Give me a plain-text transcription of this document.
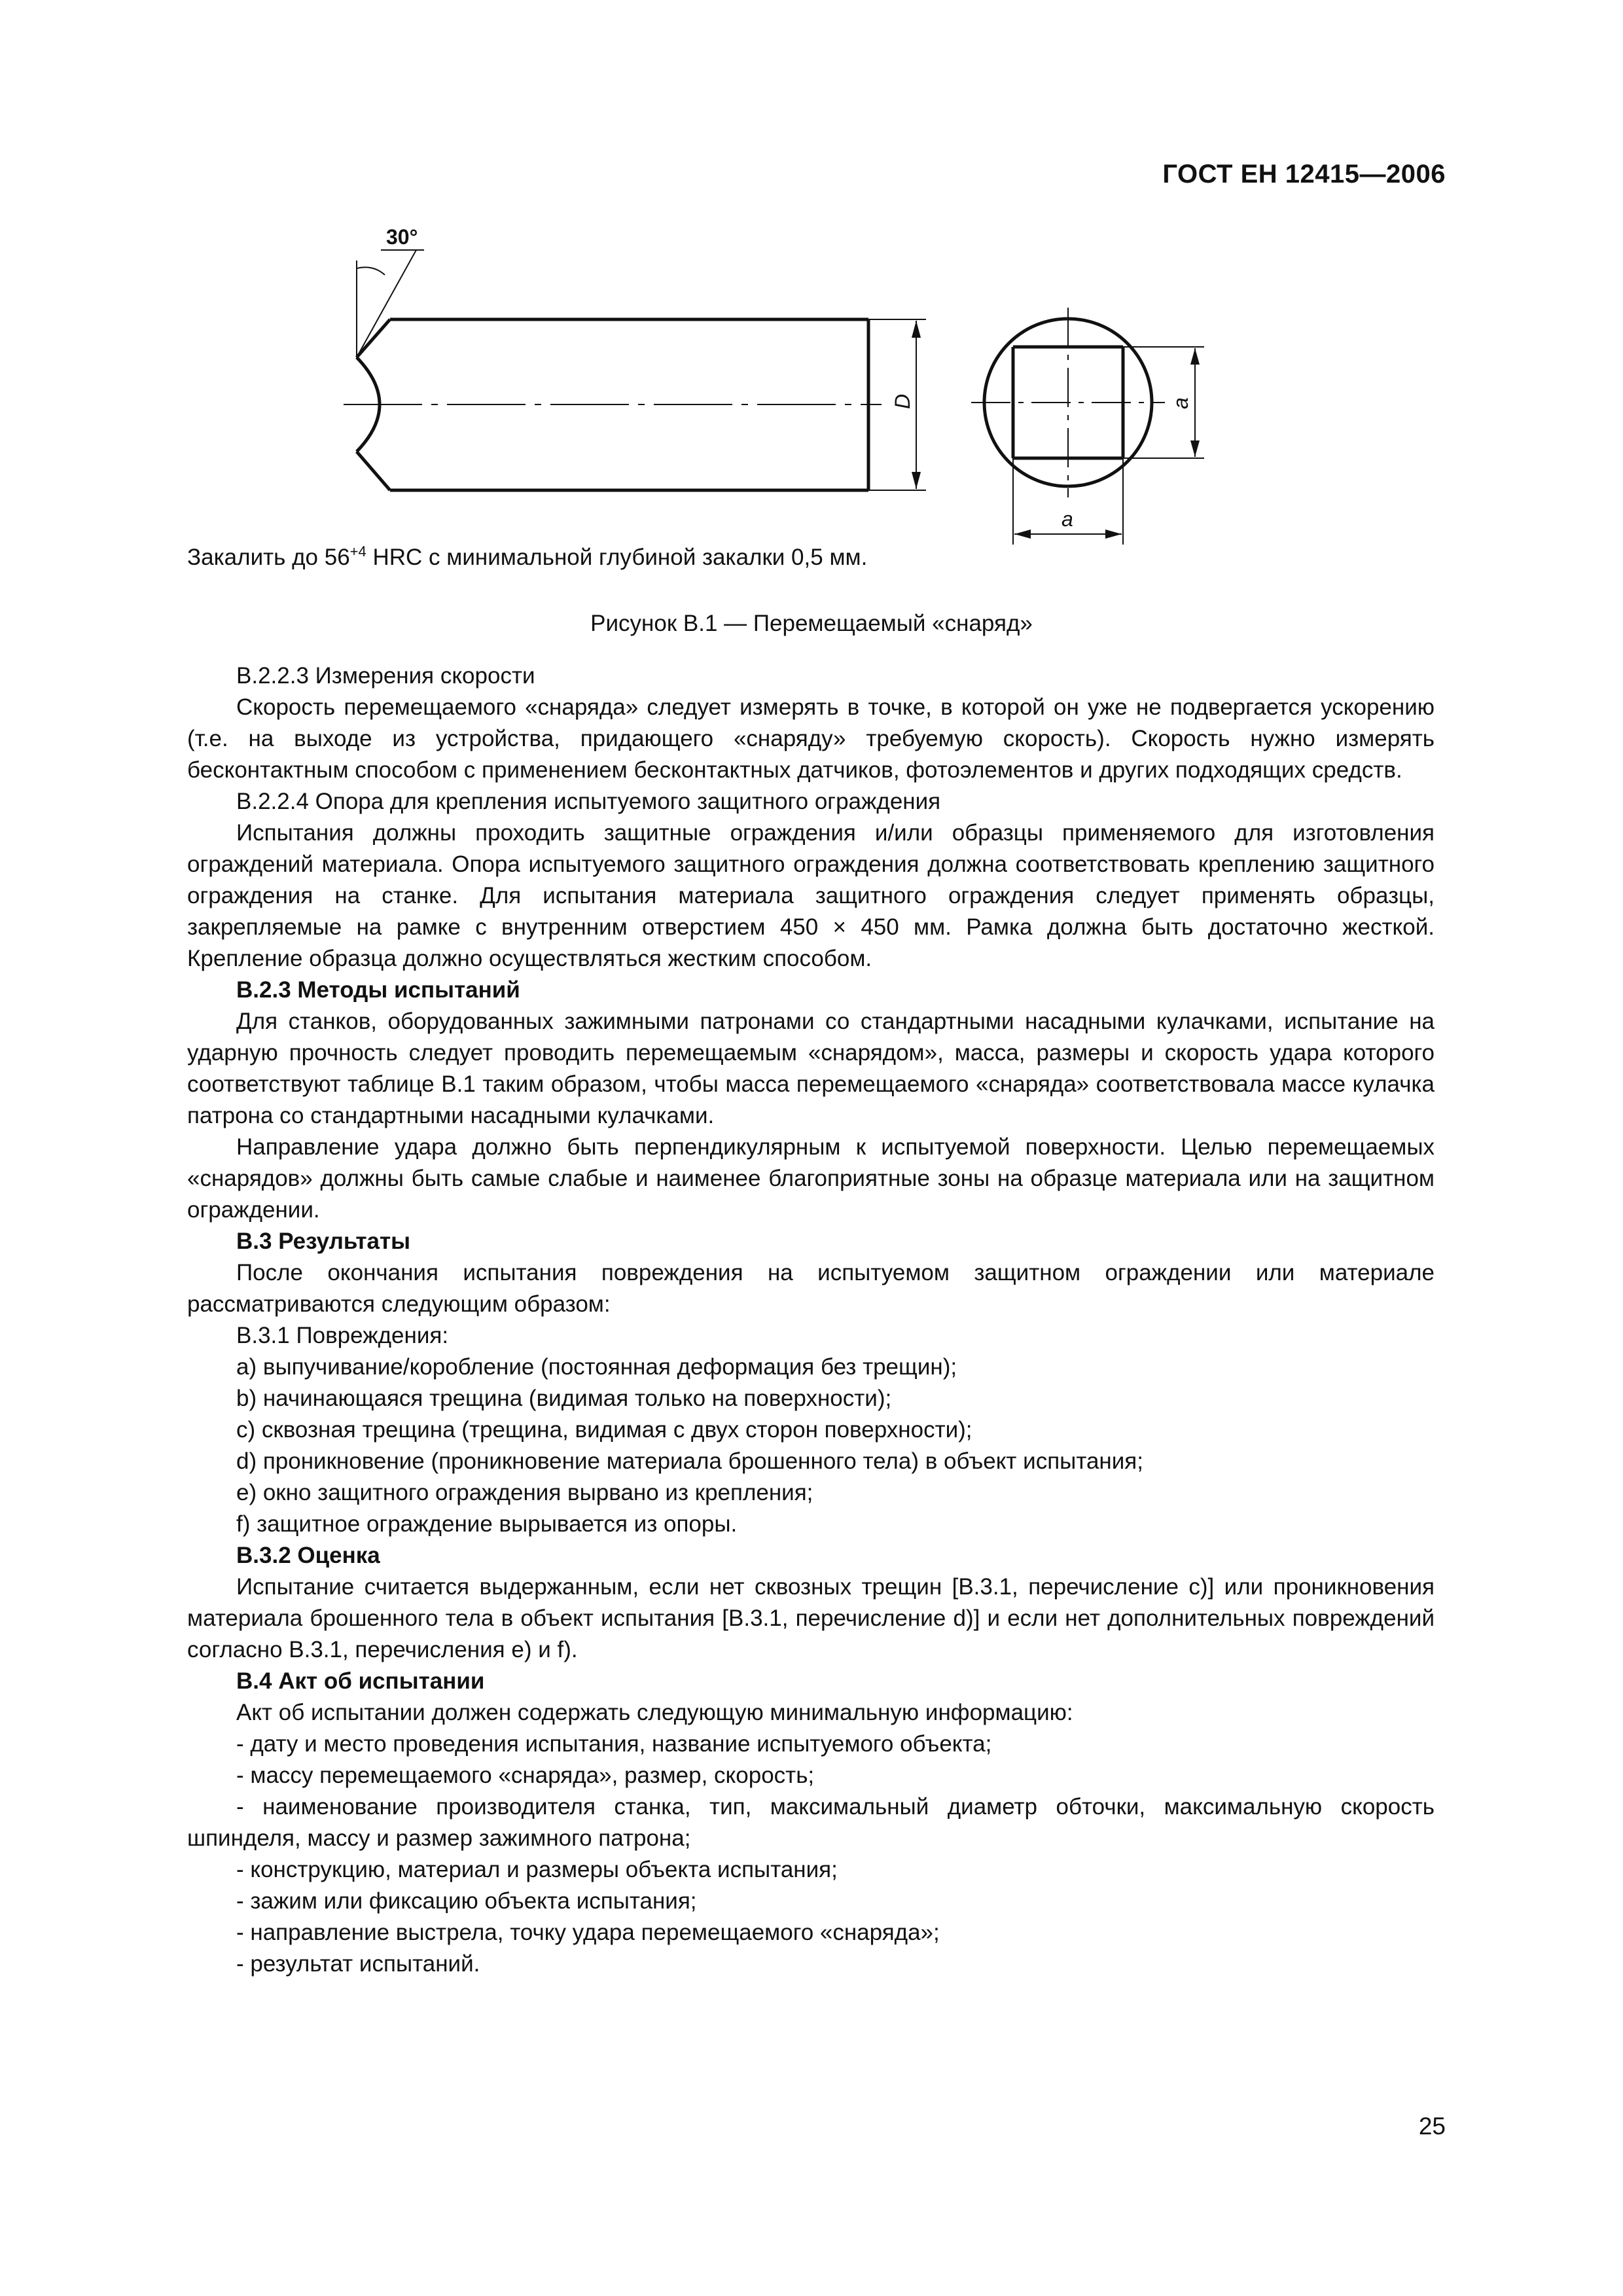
ГОСТ ЕН 12415—2006
30°
D	a
a
Закалить до $56^{+4}$ HRC с минимальной глубиной закалки 0,5 мм.
Рисунок В.1 — Перемещаемый «снаряд»

В.2.2.3 Измерения скорости

Скорость перемещаемого «снаряда» следует измерять в точке, в которой он уже не подвергается ускорению (т.е. на выходе из устройства, придающего «снаряду» требуемую скорость). Скорость нужно измерять бесконтактным способом с применением бесконтактных датчиков, фотоэлементов и других подходящих средств.

В.2.2.4 Опора для крепления испытуемого защитного ограждения

Испытания должны проходить защитные ограждения и/или образцы применяемого для изготовления ограждений материала. Опора испытуемого защитного ограждения должна соответствовать креплению защитного ограждения на станке. Для испытания материала защитного ограждения следует применять образцы, закрепляемые на рамке с внутренним отверстием 450 × 450 мм. Рамка должна быть достаточно жесткой. Крепление образца должно осуществляться жестким способом.

В.2.3 Методы испытаний

Для станков, оборудованных зажимными патронами со стандартными насадными кулачками, испытание на ударную прочность следует проводить перемещаемым «снарядом», масса, размеры и скорость удара которого соответствуют таблице В.1 таким образом, чтобы масса перемещаемого «снаряда» соответствовала массе кулачка патрона со стандартными насадными кулачками.

Направление удара должно быть перпендикулярным к испытуемой поверхности. Целью перемещаемых «снарядов» должны быть самые слабые и наименее благоприятные зоны на образце материала или на защитном ограждении.

В.3 Результаты

После окончания испытания повреждения на испытуемом защитном ограждении или материале рассматриваются следующим образом:

В.3.1 Повреждения:

a) выпучивание/коробление (постоянная деформация без трещин);

b) начинающаяся трещина (видимая только на поверхности);

c) сквозная трещина (трещина, видимая с двух сторон поверхности);

d) проникновение (проникновение материала брошенного тела) в объект испытания;

e) окно защитного ограждения вырвано из крепления;

f) защитное ограждение вырывается из опоры.

В.3.2 Оценка

Испытание считается выдержанным, если нет сквозных трещин [В.3.1, перечисление c)] или проникновения материала брошенного тела в объект испытания [В.3.1, перечисление d)] и если нет дополнительных повреждений согласно В.3.1, перечисления e) и f).

В.4 Акт об испытании

Акт об испытании должен содержать следующую минимальную информацию:

- дату и место проведения испытания, название испытуемого объекта;

- массу перемещаемого «снаряда», размер, скорость;

- наименование производителя станка, тип, максимальный диаметр обточки, максимальную скорость шпинделя, массу и размер зажимного патрона;

- конструкцию, материал и размеры объекта испытания;

- зажим или фиксацию объекта испытания;

- направление выстрела, точку удара перемещаемого «снаряда»;

- результат испытаний.

25
